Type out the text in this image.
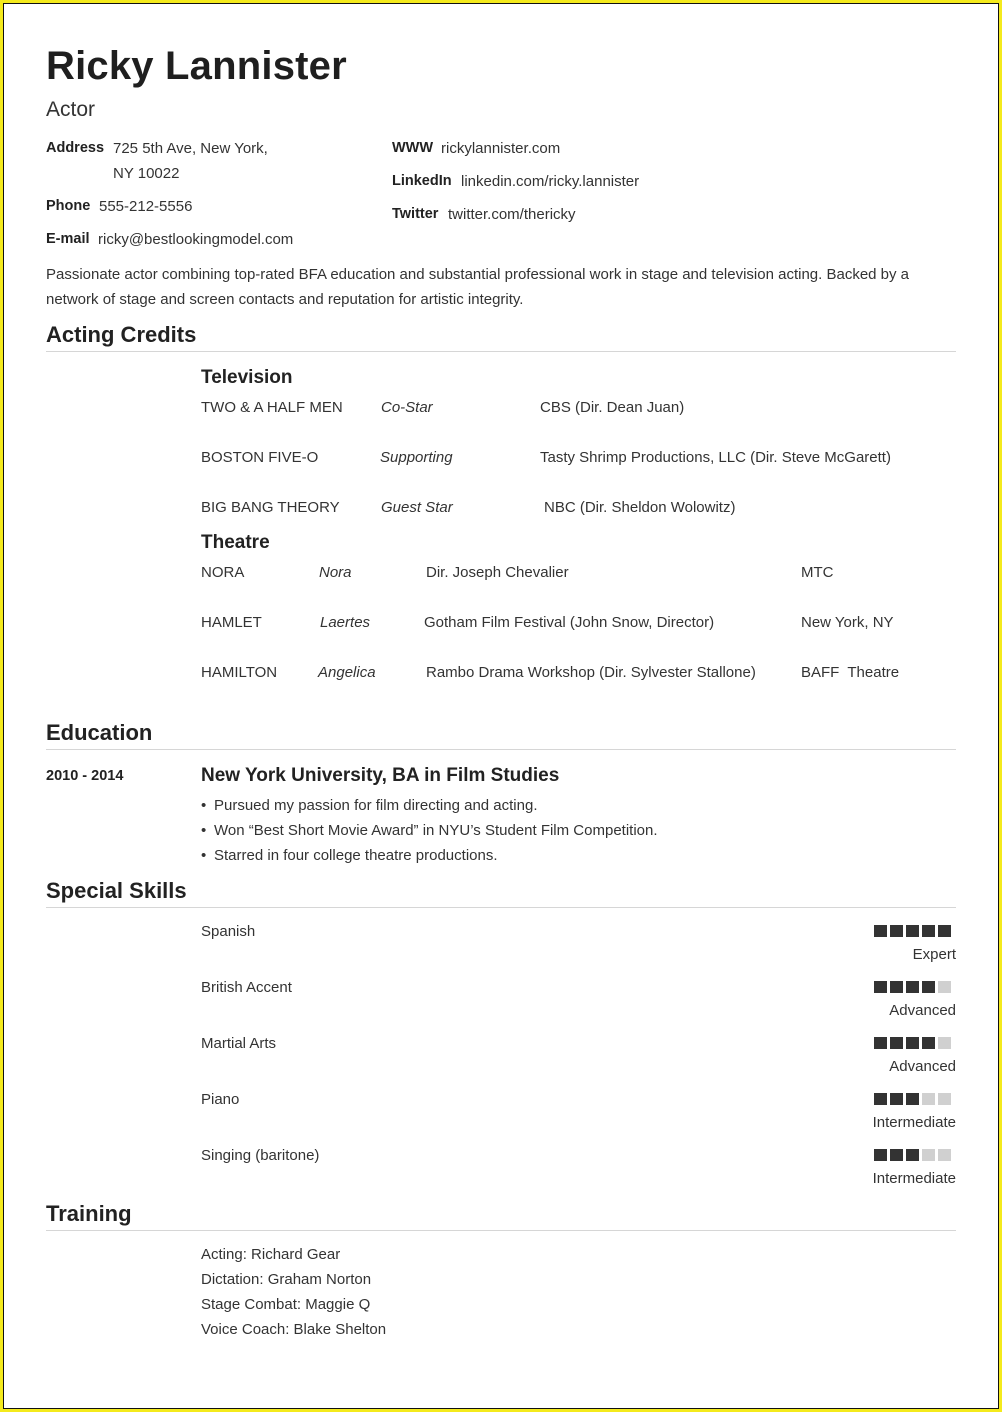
Ricky Lannister
Actor
Address 725 5th Ave, New York,
NY 10022
Phone 555-212-5556
E-mail ricky@bestlookingmodel.com
WWW rickylannister.com
LinkedIn linkedin.com/ricky.lannister
Twitter twitter.com/thericky
Passionate actor combining top-rated BFA education and substantial professional work in stage and television acting. Backed by a network of stage and screen contacts and reputation for artistic integrity.
Acting Credits
Television
TWO & A HALF MEN	Co-Star	CBS (Dir. Dean Juan)
BOSTON FIVE-O	Supporting	Tasty Shrimp Productions, LLC (Dir. Steve McGarett)
BIG BANG THEORY	Guest Star	NBC (Dir. Sheldon Wolowitz)
Theatre
NORA	Nora	Dir. Joseph Chevalier	MTC
HAMLET	Laertes	Gotham Film Festival (John Snow, Director)	New York, NY
HAMILTON	Angelica	Rambo Drama Workshop (Dir. Sylvester Stallone)	BAFF  Theatre
Education
2010 - 2014	New York University, BA in Film Studies
• Pursued my passion for film directing and acting.
• Won “Best Short Movie Award” in NYU’s Student Film Competition.
• Starred in four college theatre productions.
Special Skills
Spanish
Expert
British Accent
Advanced
Martial Arts
Advanced
Piano
Intermediate
Singing (baritone)
Intermediate
Training
Acting: Richard Gear
Dictation: Graham Norton
Stage Combat: Maggie Q
Voice Coach: Blake Shelton
